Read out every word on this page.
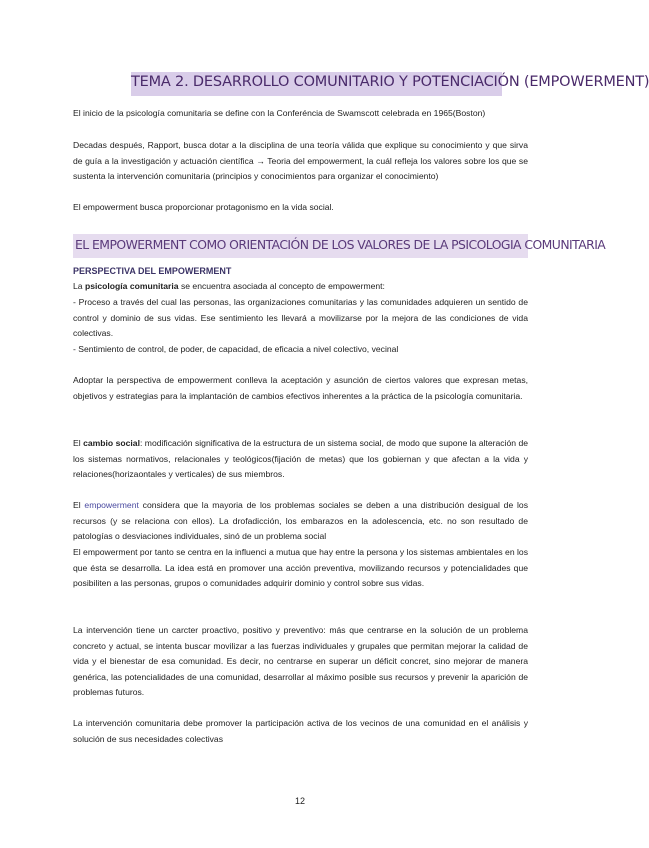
TEMA 2. DESARROLLO COMUNITARIO Y POTENCIACIÓN (EMPOWERMENT)
El inicio de la psicología comunitaria se define con la Conferéncia de Swamscott celebrada en 1965(Boston)
Decadas después, Rapport, busca dotar a la disciplina de una teoría válida que explique su conocimiento y que sirva de guía a la investigación y actuación científica → Teoria del empowerment, la cuál refleja los valores sobre los que se sustenta la intervención comunitaria (principios y conocimientos para organizar el conocimiento)
El empowerment busca proporcionar protagonismo en la vida social.
EL EMPOWERMENT COMO ORIENTACIÓN DE LOS VALORES DE LA PSICOLOGIA COMUNITARIA
PERSPECTIVA DEL EMPOWERMENT
La psicología comunitaria se encuentra asociada al concepto de empowerment:
- Proceso a través del cual las personas, las organizaciones comunitarias y las comunidades adquieren un sentido de control y dominio de sus vidas. Ese sentimiento les llevará a movilizarse por la mejora de las condiciones de vida colectivas.
- Sentimiento de control, de poder, de capacidad, de eficacia a nivel colectivo, vecinal
Adoptar la perspectiva de empowerment conlleva la aceptación y asunción de ciertos valores que expresan metas, objetivos y estrategias para la implantación de cambios efectivos inherentes a la práctica de la psicología comunitaria.
El cambio social: modificación significativa de la estructura de un sistema social, de modo que supone la alteración de los sistemas normativos, relacionales y teológicos(fijación de metas) que los gobiernan y que afectan a la vida y relaciones(horizaontales y verticales) de sus miembros.
El empowerment considera que la mayoria de los problemas sociales se deben a una distribución desigual de los recursos (y se relaciona con ellos). La drofadicción, los embarazos en la adolescencia, etc. no son resultado de patologías o desviaciones individuales, sinó de un problema social
El empowerment por tanto se centra en la influenci a mutua que hay entre la persona y los sistemas ambientales en los que ésta se desarrolla. La idea está en promover una acción preventiva, movilizando recursos y potencialidades que posibiliten a las personas, grupos o comunidades adquirir dominio y control sobre sus vidas.
La intervención tiene un carcter proactivo, positivo y preventivo: más que centrarse en la solución de un problema concreto y actual, se intenta buscar movilizar a las fuerzas individuales y grupales que permitan mejorar la calidad de vida y el bienestar de esa comunidad. Es decir, no centrarse en superar un déficit concret, sino mejorar de manera genérica, las potencialidades de una comunidad, desarrollar al máximo posible sus recursos y prevenir la aparición de problemas futuros.
La intervención comunitaria debe promover la participación activa de los vecinos de una comunidad en el análisis y solución de sus necesidades colectivas
12
